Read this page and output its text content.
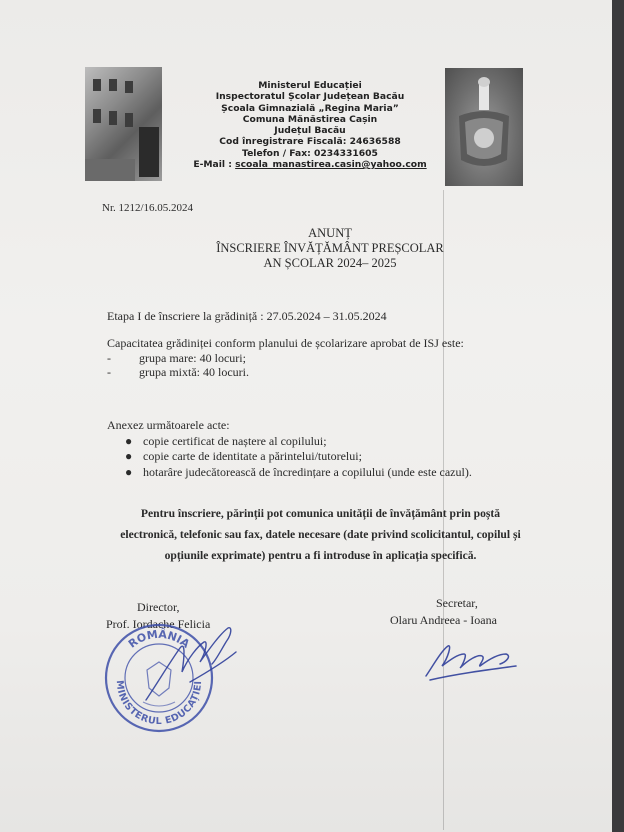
Ministerul Educației
Inspectoratul Școlar Județean Bacău
Școala Gimnazială „Regina Maria”
Comuna Mănăstirea Cașin
Județul Bacău
Cod înregistrare Fiscală: 24636588
Telefon / Fax: 0234331605
E-Mail : scoala_manastirea.casin@yahoo.com
Nr. 1212/16.05.2024
ANUNȚ
ÎNSCRIERE ÎNVĂȚĂMÂNT PREȘCOLAR
AN ȘCOLAR 2024– 2025
Etapa I de înscriere la grădiniță : 27.05.2024 – 31.05.2024
Capacitatea grădiniței conform planului de școlarizare aprobat de ISJ este:
- grupa mare: 40 locuri;
- grupa mixtă: 40 locuri.
Anexez următoarele acte:
● copie certificat de naștere al copilului;
● copie carte de identitate a părintelui/tutorelui;
● hotarâre judecătorească de încredințare a copilului (unde este cazul).
Pentru înscriere, părinții pot comunica unității de învățământ prin poștă
electronică, telefonic sau fax, datele necesare (date privind scolicitantul, copilul și
opțiunile exprimate) pentru a fi introduse în aplicația specifică.
Director,
Prof. Iordache Felicia
Secretar,
Olaru Andreea - Ioana
ROMÂNIA
MINISTERUL EDUCAȚIEI
